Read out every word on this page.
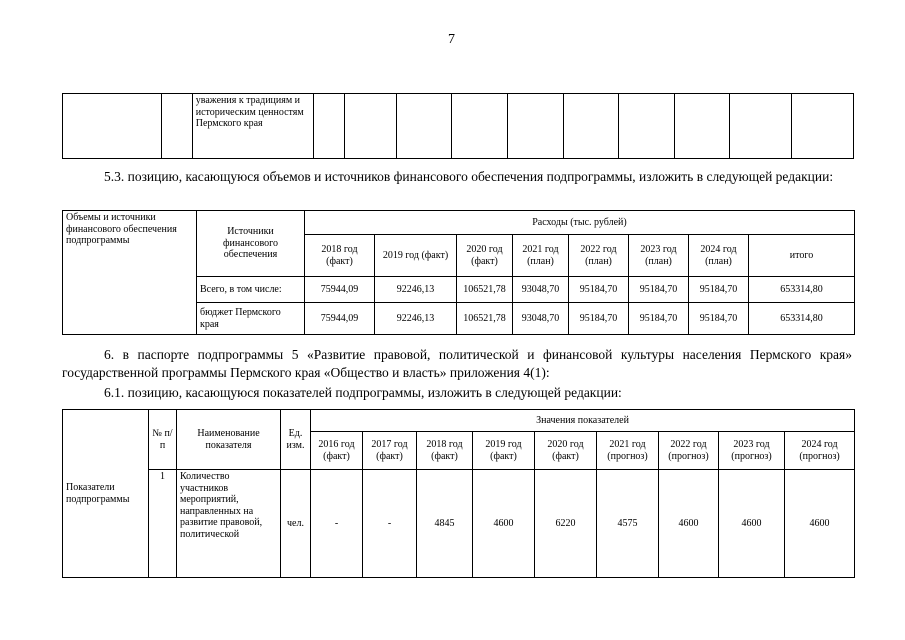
7
		уважения к традициям и историческим ценностям Пермского края										
5.3. позицию, касающуюся объемов и источников финансового обеспечения подпрограммы, изложить в следующей редакции:
Объемы и источники финансового обеспечения подпрограммы	Источники финансового обеспечения	Расходы (тыс. рублей)							
		2018 год (факт)	2019 год (факт)	2020 год (факт)	2021 год (план)	2022 год (план)	2023 год (план)	2024 год (план)	итого
	Всего, в том числе:	75944,09	92246,13	106521,78	93048,70	95184,70	95184,70	95184,70	653314,80
	бюджет Пермского края	75944,09	92246,13	106521,78	93048,70	95184,70	95184,70	95184,70	653314,80
6. в паспорте подпрограммы 5 «Развитие правовой, политической и финансовой культуры населения Пермского края» государственной программы Пермского края «Общество и власть» приложения 4(1):
6.1. позицию, касающуюся показателей подпрограммы, изложить в следующей редакции:
Показатели подпрограммы	№ п/п	Наименование показателя	Ед. изм.	Значения показателей								
				2016 год (факт)	2017 год (факт)	2018 год (факт)	2019 год (факт)	2020 год (факт)	2021 год (прогноз)	2022 год (прогноз)	2023 год (прогноз)	2024 год (прогноз)
	1	Количество участников мероприятий, направленных на развитие правовой, политической	чел.	-	-	4845	4600	6220	4575	4600	4600	4600
